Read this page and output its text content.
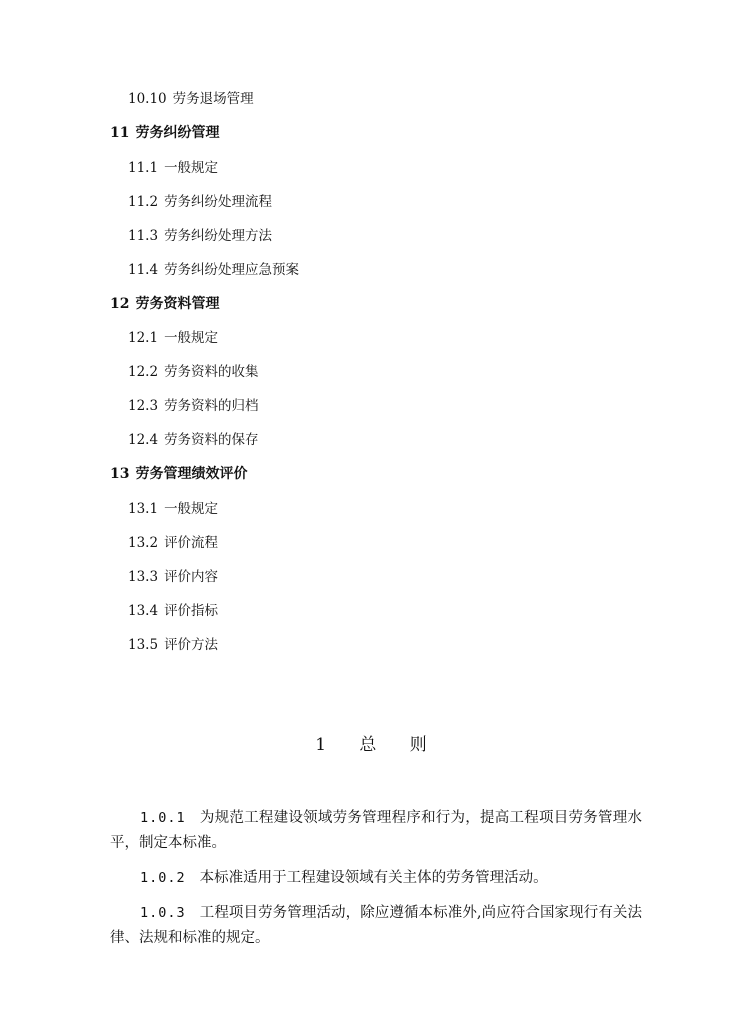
10.10 劳务退场管理
11 劳务纠纷管理
11.1 一般规定
11.2 劳务纠纷处理流程
11.3 劳务纠纷处理方法
11.4 劳务纠纷处理应急预案
12 劳务资料管理
12.1 一般规定
12.2 劳务资料的收集
12.3 劳务资料的归档
12.4 劳务资料的保存
13 劳务管理绩效评价
13.1 一般规定
13.2 评价流程
13.3 评价内容
13.4 评价指标
13.5 评价方法
1 总 则
1.0.1 为规范工程建设领域劳务管理程序和行为，提高工程项目劳务管理水平，制定本标准。
1.0.2 本标准适用于工程建设领域有关主体的劳务管理活动。
1.0.3 工程项目劳务管理活动，除应遵循本标准外,尚应符合国家现行有关法律、法规和标准的规定。
